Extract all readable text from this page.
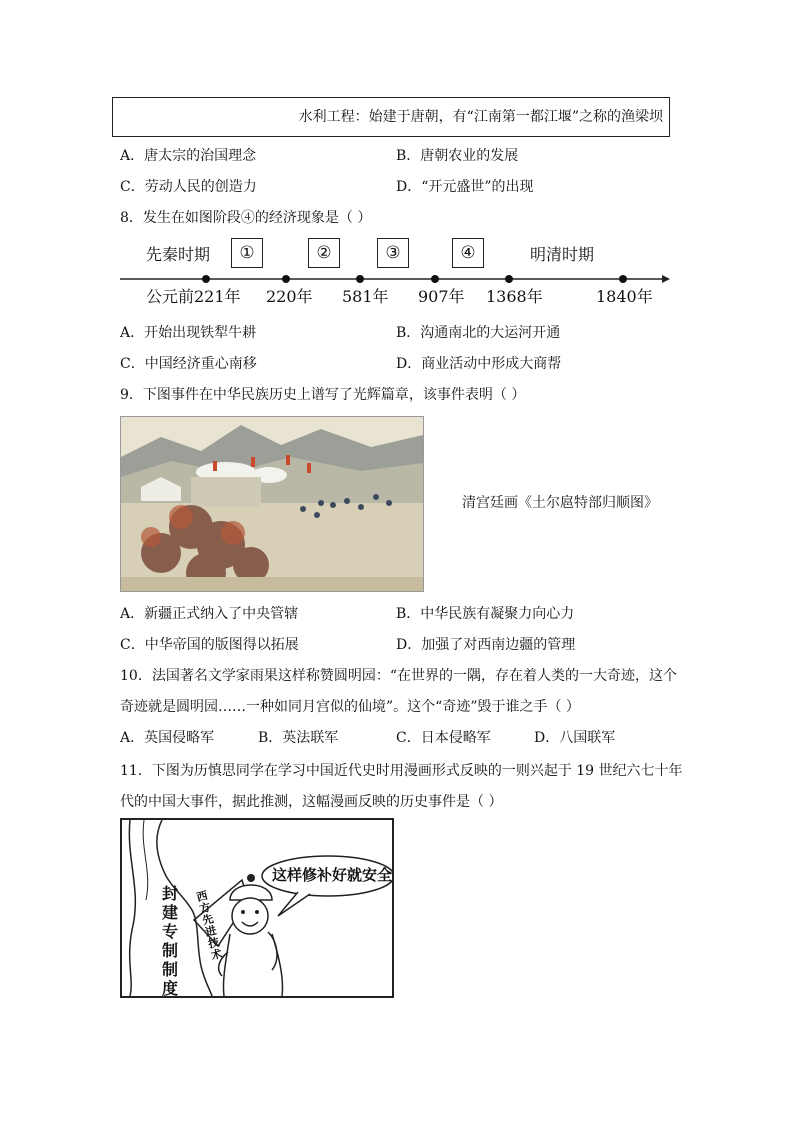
水利工程：始建于唐朝，有“江南第一都江堰”之称的渔梁坝
A．唐太宗的治国理念	B．唐朝农业的发展
C．劳动人民的创造力	D．“开元盛世”的出现
8．发生在如图阶段④的经济现象是（ ）
先秦时期	①	②	③	④	明清时期
公元前221年 220年 581年 907年 1368年	1840年
A．开始出现铁犁牛耕	B．沟通南北的大运河开通
C．中国经济重心南移	D．商业活动中形成大商帮
9．下图事件在中华民族历史上谱写了光辉篇章，该事件表明（ ）
清宫廷画《土尔扈特部归顺图》
A．新疆正式纳入了中央管辖	B．中华民族有凝聚力向心力
C．中华帝国的版图得以拓展	D．加强了对西南边疆的管理
10．法国著名文学家雨果这样称赞圆明园：“在世界的一隅，存在着人类的一大奇迹，这个
奇迹就是圆明园……一种如同月宫似的仙境”。这个“奇迹”毁于谁之手（ ）
A．英国侵略军	B．英法联军	C．日本侵略军	D．八国联军
11．下图为历慎思同学在学习中国近代史时用漫画形式反映的一则兴起于 19 世纪六七十年
代的中国大事件，据此推测，这幅漫画反映的历史事件是（ ）
这样修补好就安全
封建专制制度
西方先进技术
